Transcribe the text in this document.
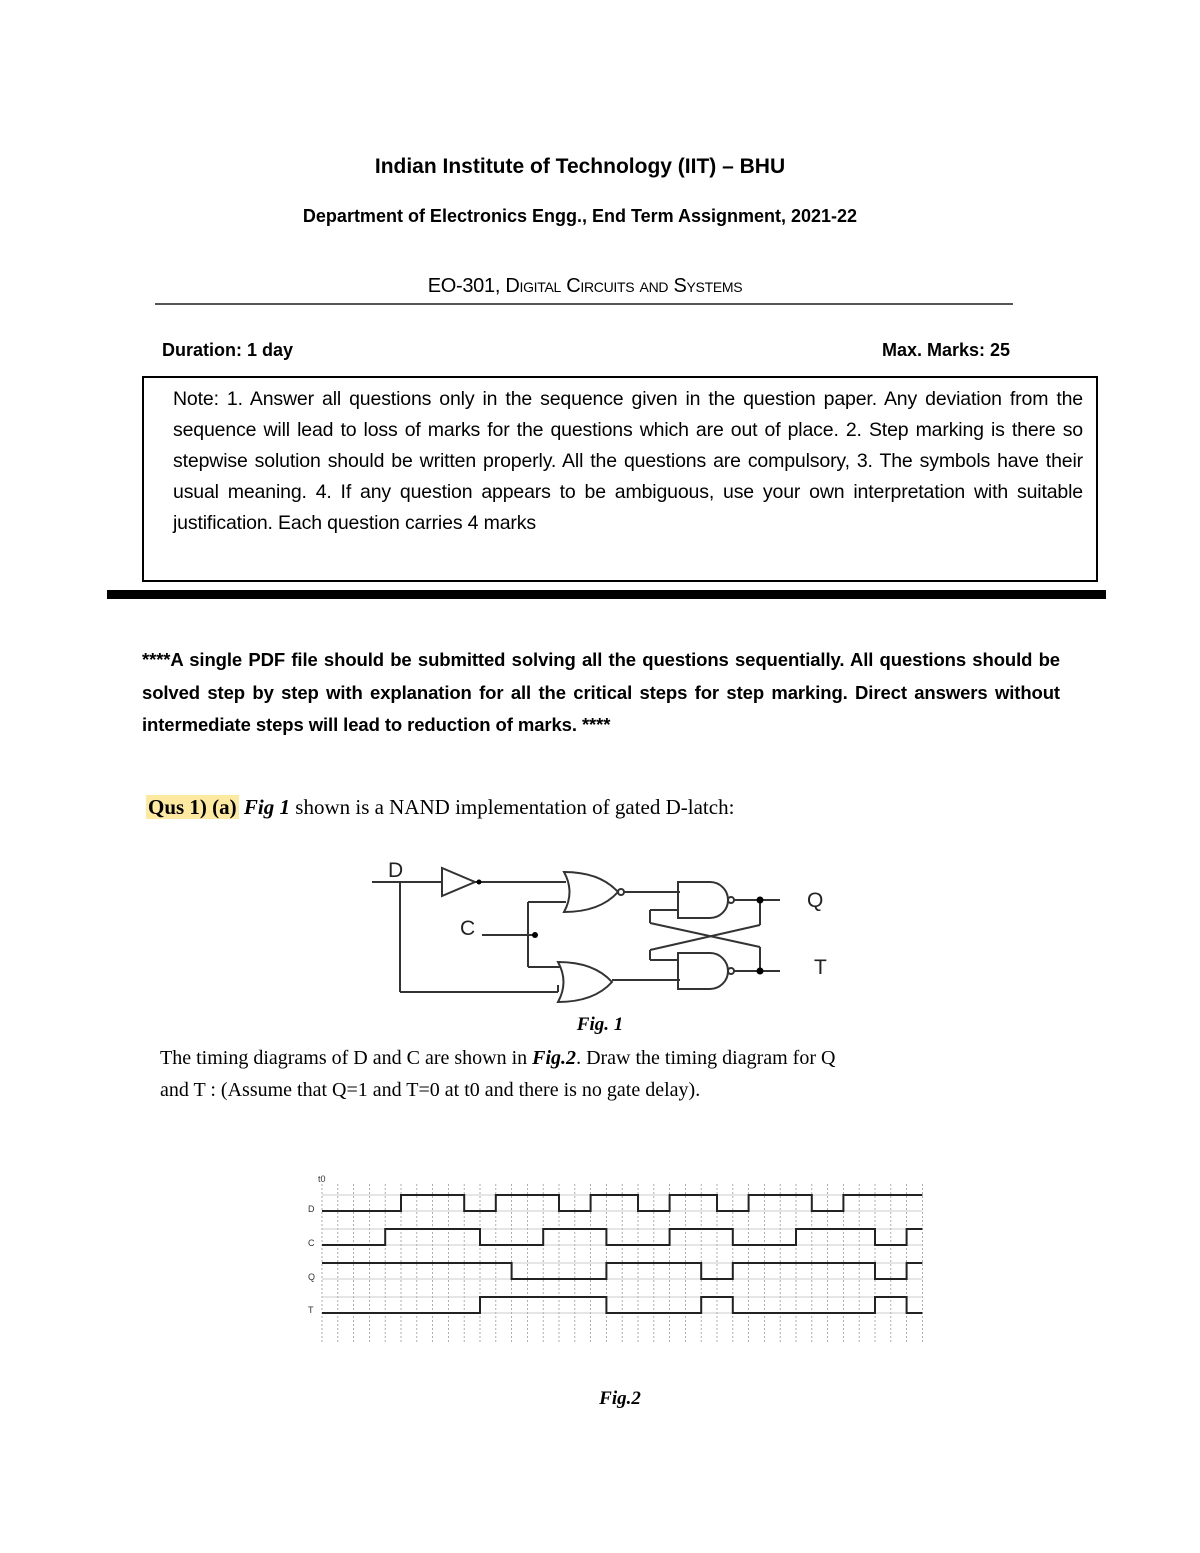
Indian Institute of Technology (IIT) – BHU
Department of Electronics Engg., End Term Assignment, 2021-22
EO-301, Digital Circuits and Systems
Duration: 1 day	Max. Marks: 25
Note: 1. Answer all questions only in the sequence given in the question paper. Any deviation from the sequence will lead to loss of marks for the questions which are out of place. 2. Step marking is there so stepwise solution should be written properly. All the questions are compulsory, 3. The symbols have their usual meaning. 4. If any question appears to be ambiguous, use your own interpretation with suitable justification. Each question carries 4 marks
****A single PDF file should be submitted solving all the questions sequentially. All questions should be solved step by step with explanation for all the critical steps for step marking. Direct answers without intermediate steps will lead to reduction of marks. ****
Qus 1) (a) Fig 1 shown is a NAND implementation of gated D-latch:
D
C
Q
T
Fig. 1
The timing diagrams of D and C are shown in Fig.2. Draw the timing diagram for Q
and T : (Assume that Q=1 and T=0 at t0 and there is no gate delay).
t0
D
C
Q
T
Fig.2
